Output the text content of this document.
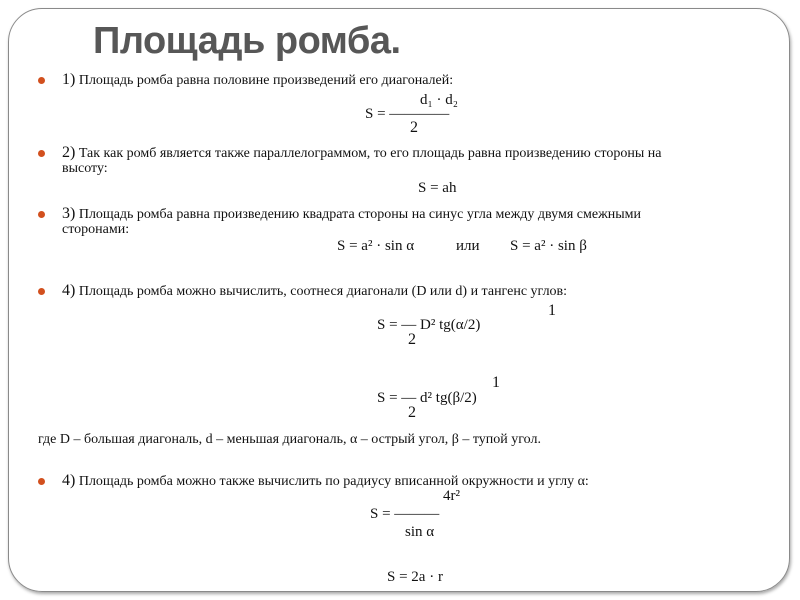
Площадь ромба.
1) Площадь ромба равна половине произведений его диагоналей:
d₁ · d₂
S = ————
2
2) Так как ромб является также параллелограммом, то его площадь равна произведению стороны на
высоту:
S = ah
3) Площадь ромба равна произведению квадрата стороны на синус угла между двумя смежными
сторонами:
S = a² · sin α	или S = a² · sin β
4) Площадь ромба можно вычислить, соотнеся диагонали (D или d) и тангенс углов:
1
S = — D² tg(α/2)
2
1
S = — d² tg(β/2)
2
где D – большая диагональ, d – меньшая диагональ, α – острый угол, β – тупой угол.
4) Площадь ромба можно также вычислить по радиусу вписанной окружности и углу α:
4r²
S = ———
sin α
S = 2a · r
